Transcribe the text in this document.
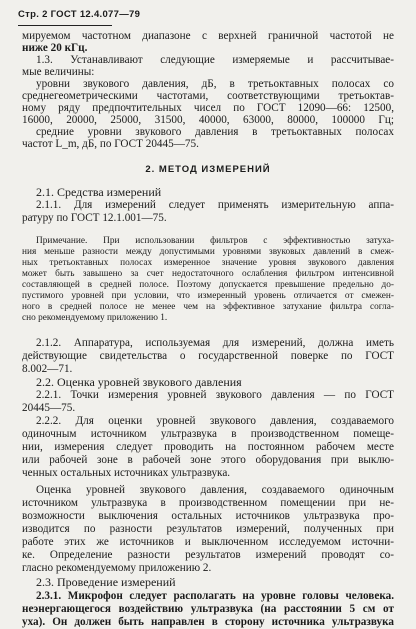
Стр. 2 ГОСТ 12.4.077—79
мируемом частотном диапазоне с верхней граничной частотой не
ниже 20 кГц.
1.3. Устанавливают следующие измеряемые и рассчитывае-
мые величины:
уровни звукового давления, дБ, в третьоктавных полосах со
среднегеометрическими частотами, соответствующими третьоктав-
ному ряду предпочтительных чисел по ГОСТ 12090—66: 12500,
16000, 20000, 25000, 31500, 40000, 63000, 80000, 100000 Гц;
средние уровни звукового давления в третьоктавных полосах
частот L_m, дБ, по ГОСТ 20445—75.
2. МЕТОД ИЗМЕРЕНИЙ
2.1. Средства измерений
2.1.1. Для измерений следует применять измерительную аппа-
ратуру по ГОСТ 12.1.001—75.
Примечание. При использовании фильтров с эффективностью затуха-
ния меньше разности между допустимыми уровнями звуковых давлений в смеж-
ных третьоктавных полосах измеренное значение уровня звукового давления
может быть завышено за счет недостаточного ослабления фильтром интенсивной
составляющей в средней полосе. Поэтому допускается превышение предельно до-
пустимого уровней при условии, что измеренный уровень отличается от смежен-
ного в средней полосе не менее чем на эффективное затухание фильтра согла-
сно рекомендуемому приложению 1.
2.1.2. Аппаратура, используемая для измерений, должна иметь
действующие свидетельства о государственной поверке по ГОСТ
8.002—71.
2.2. Оценка уровней звукового давления
2.2.1. Точки измерения уровней звукового давления — по ГОСТ
20445—75.
2.2.2. Для оценки уровней звукового давления, создаваемого
одиночным источником ультразвука в производственном помеще-
нии, измерения следует проводить на постоянном рабочем месте
или рабочей зоне в рабочей зоне этого оборудования при выклю-
ченных остальных источниках ультразвука.
Оценка уровней звукового давления, создаваемого одиночным
источником ультразвука в производственном помещении при не-
возможности выключения остальных источников ультразвука про-
изводится по разности результатов измерений, полученных при
работе этих же источников и выключенном исследуемом источни-
ке. Определение разности результатов измерений проводят со-
гласно рекомендуемому приложению 2.
2.3. Проведение измерений
2.3.1. Микрофон следует располагать на уровне головы человека.
неэнергающегося воздействию ультразвука (на расстоянии 5 см от
уха). Он должен быть направлен в сторону источника ультразвука
